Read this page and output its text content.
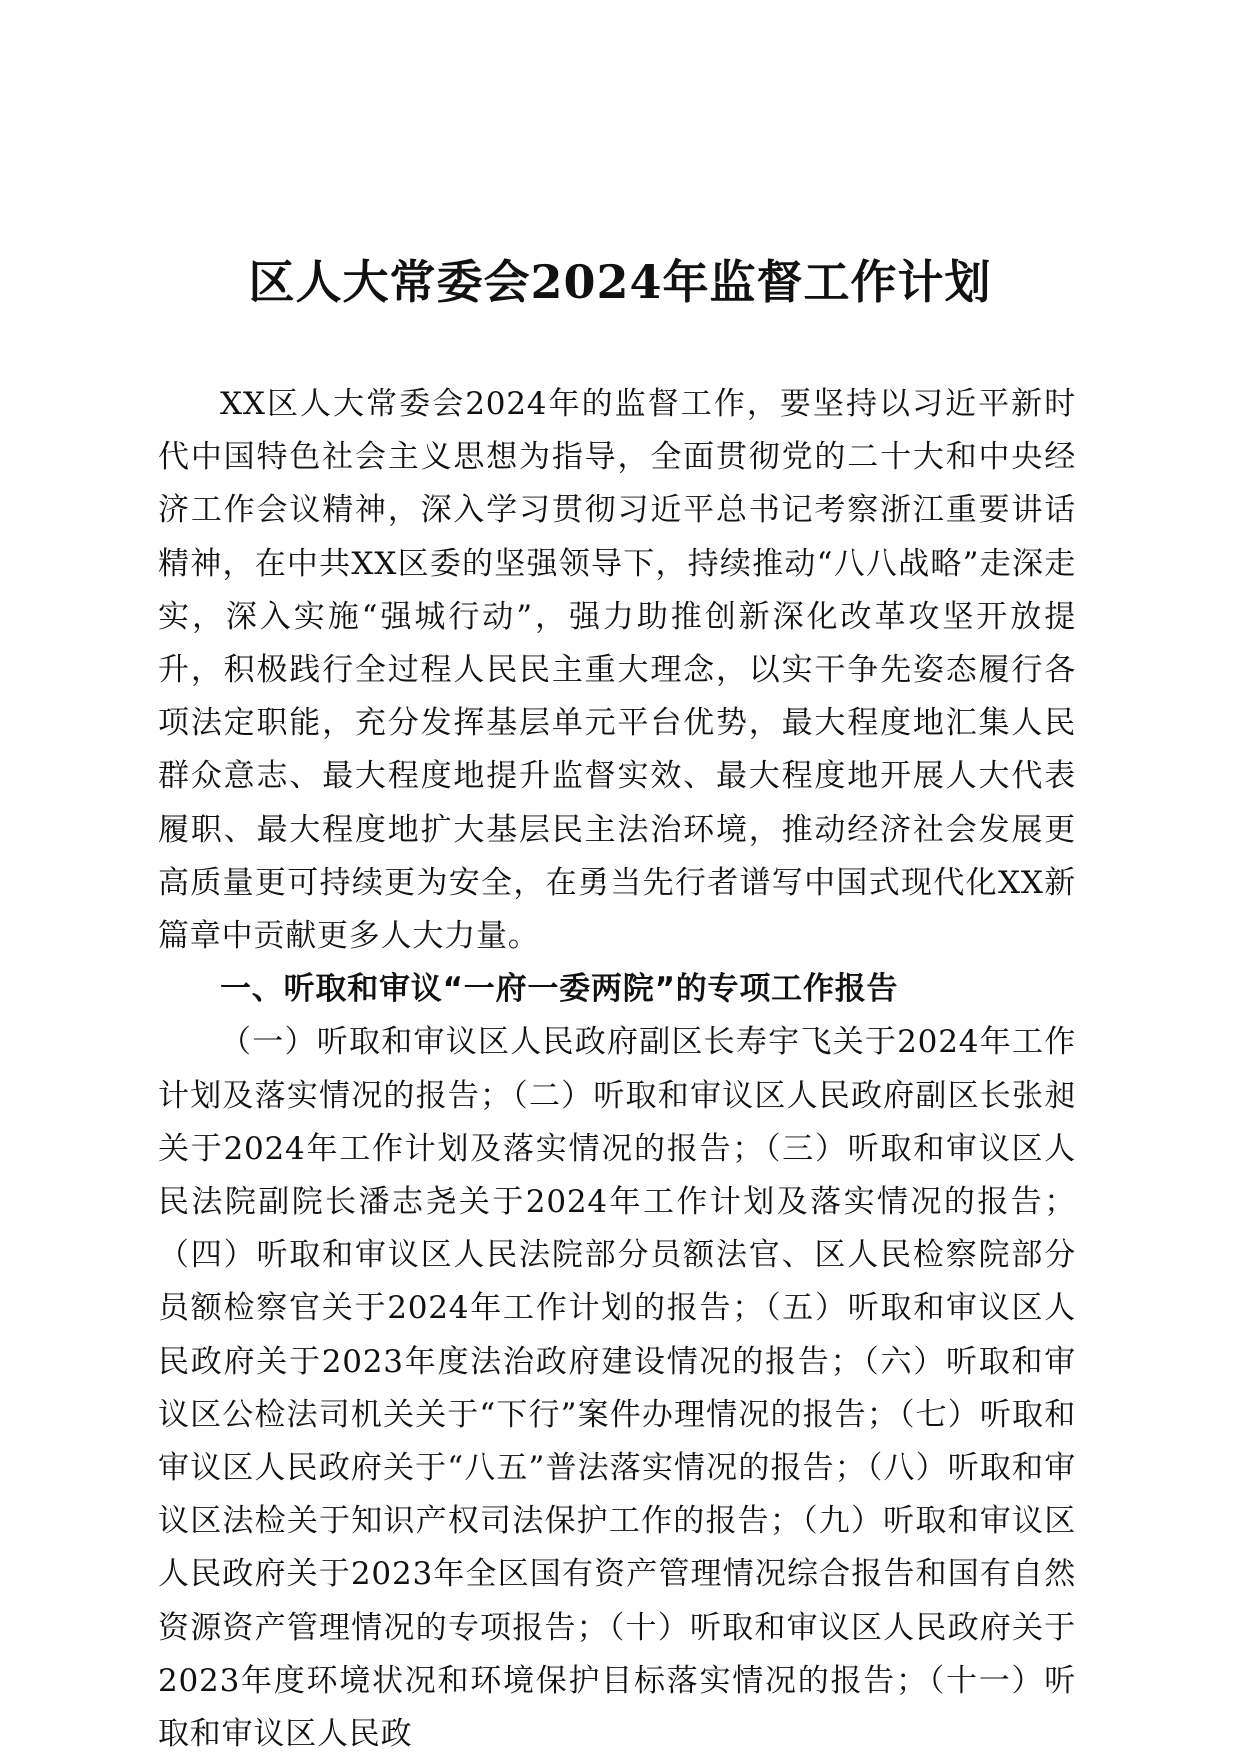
区人大常委会2024年监督工作计划

XX区人大常委会2024年的监督工作，要坚持以习近平新时代中国特色社会主义思想为指导，全面贯彻党的二十大和中央经济工作会议精神，深入学习贯彻习近平总书记考察浙江重要讲话精神，在中共XX区委的坚强领导下，持续推动“八八战略”走深走实，深入实施“强城行动”，强力助推创新深化改革攻坚开放提升，积极践行全过程人民民主重大理念，以实干争先姿态履行各项法定职能，充分发挥基层单元平台优势，最大程度地汇集人民群众意志、最大程度地提升监督实效、最大程度地开展人大代表履职、最大程度地扩大基层民主法治环境，推动经济社会发展更高质量更可持续更为安全，在勇当先行者谱写中国式现代化XX新篇章中贡献更多人大力量。

一、听取和审议“一府一委两院”的专项工作报告

（一）听取和审议区人民政府副区长寿宇飞关于2024年工作计划及落实情况的报告；（二）听取和审议区人民政府副区长张昶关于2024年工作计划及落实情况的报告；（三）听取和审议区人民法院副院长潘志尧关于2024年工作计划及落实情况的报告；（四）听取和审议区人民法院部分员额法官、区人民检察院部分员额检察官关于2024年工作计划的报告；（五）听取和审议区人民政府关于2023年度法治政府建设情况的报告；（六）听取和审议区公检法司机关关于“下行”案件办理情况的报告；（七）听取和审议区人民政府关于“八五”普法落实情况的报告；（八）听取和审议区法检关于知识产权司法保护工作的报告；（九）听取和审议区人民政府关于2023年全区国有资产管理情况综合报告和国有自然资源资产管理情况的专项报告；（十）听取和审议区人民政府关于2023年度环境状况和环境保护目标落实情况的报告；（十一）听取和审议区人民政
